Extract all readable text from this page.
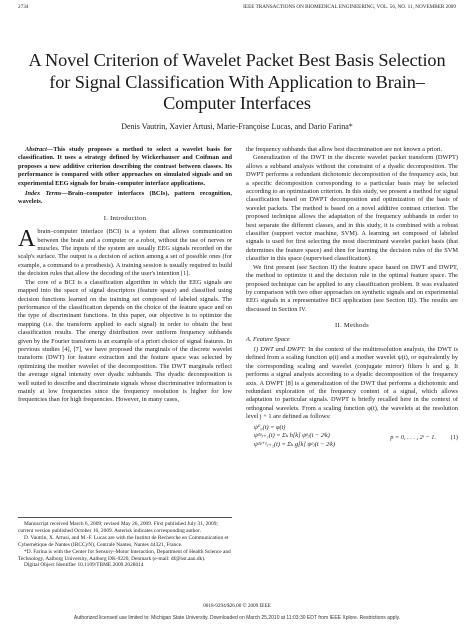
2734	IEEE TRANSACTIONS ON BIOMEDICAL ENGINEERING, VOL. 56, NO. 11, NOVEMBER 2009
A Novel Criterion of Wavelet Packet Best Basis Selection for Signal Classification With Application to Brain–Computer Interfaces
Denis Vautrin, Xavier Artusi, Marie-Françoise Lucas, and Dario Farina*

Abstract—This study proposes a method to select a wavelet basis for classification. It uses a strategy defined by Wickerhauser and Coifman and proposes a new additive criterion describing the contrast between classes. Its performance is compared with other approaches on simulated signals and on experimental EEG signals for brain–computer interface applications.

Index Terms—Brain–computer interfaces (BCIs), pattern recognition, wavelets.

I. Introduction

Abrain–computer interface (BCI) is a system that allows communication between the brain and a computer or a robot, without the use of nerves or muscles. The inputs of the system are usually EEG signals recorded on the scalp's surface. The output is a decision of action among a set of possible ones (for example, a command to a prosthesis). A training session is usually required to build the decision rules that allow the decoding of the user's intention [1].

The core of a BCI is a classification algorithm in which the EEG signals are mapped into the space of signal descriptors (feature space) and classified using decision functions learned on the training set composed of labeled signals. The performance of the classification depends on the choice of the feature space and on the type of discriminant functions. In this paper, our objective is to optimize the mapping (i.e. the transform applied to each signal) in order to obtain the best classification results. The energy distribution over uniform frequency subbands given by the Fourier transform is an example of a priori choice of signal features. In previous studies [4], [7], we have proposed the marginals of the discrete wavelet transform (DWT) for feature extraction and the feature space was selected by optimizing the mother wavelet of the decomposition. The DWT marginals reflect the average signal intensity over dyadic subbands. The dyadic decomposition is well suited to describe and discriminate signals whose discriminative information is mainly at low frequencies since the frequency resolution is higher for low frequencies than for high frequencies. However, in many cases,

Manuscript received March 6, 2009; revised May 26, 2009. First published July 31, 2009; current version published October 16, 2009. Asterisk indicates corresponding author.

D. Vautrin, X. Artusi, and M.-F. Lucas are with the Institut de Recherche en Communication et Cybernétique de Nantes (IRCCyN), Centrale Nantes, Nantes 44321, France.

*D. Farina is with the Center for Sensory–Motor Interaction, Department of Health Science and Technology, Aalborg University, Aalborg DK-9220, Denmark (e-mail: df@hst.aau.dk).

Digital Object Identifier 10.1109/TBME.2009.2028014

the frequency subbands that allow best discrimination are not known a priori.

Generalization of the DWT in the discrete wavelet packet transform (DWPT) allows a subband analysis without the constraint of a dyadic decomposition. The DWPT performs a redundant dichotomic decomposition of the frequency axis, but a specific decomposition corresponding to a particular basis may be selected according to an optimization criterion. In this study, we present a method for signal classification based on DWPT decomposition and optimization of the basis of wavelet packets. The method is based on a novel additive contrast criterion. The proposed technique allows the adaptation of the frequency subbands in order to best separate the different classes, and in this study, it is combined with a robust classifier (support vector machine, SVM). A learning set composed of labeled signals is used for first selecting the most discriminant wavelet packet basis (that determines the feature space) and then for learning the decision rules of the SVM classifier in this space (supervised classification).

We first present (see Section II) the feature space based on DWT and DWPT, the method to optimize it and the decision rule in the optimal feature space. The proposed technique can be applied to any classification problem. It was evaluated by comparison with two other approaches on synthetic signals and on experimental EEG signals in a representative BCI application (see Section III). The results are discussed in Section IV.

II. Methods
A. Feature Space

1) DWT and DWPT: In the context of the multiresolution analysis, the DWT is defined from a scaling function φ(t) and a mother wavelet ψ(t), or equivalently by the corresponding scaling and wavelet (conjugate mirror) filters h and g. It performs a signal analysis according to a dyadic decomposition of the frequency axis. A DWPT [8] is a generalization of the DWT that performs a dichotomic and redundant exploration of the frequency content of a signal, which allows adaptation to particular signals. DWPT is briefly recalled here in the context of orthogonal wavelets. From a scaling function φ(t), the wavelets at the resolution level j + 1 are defined as follows:

ψ⁰₀(t) = φ(t)
ψ²ᵖⱼ₊₁(t) = Σₖ h[k] ψᵖⱼ(t − 2ʲk)
ψ²ᵖ⁺¹ⱼ₊₁(t) = Σₖ g[k] ψᵖⱼ(t − 2ʲk)
p = 0, . . . , 2ʲ − 1. (1)
0018-9294/$26.00 © 2009 IEEE
Authorized licensed use limited to: Michigan State University. Downloaded on March 25,2010 at 11:03:30 EDT from IEEE Xplore. Restrictions apply.
